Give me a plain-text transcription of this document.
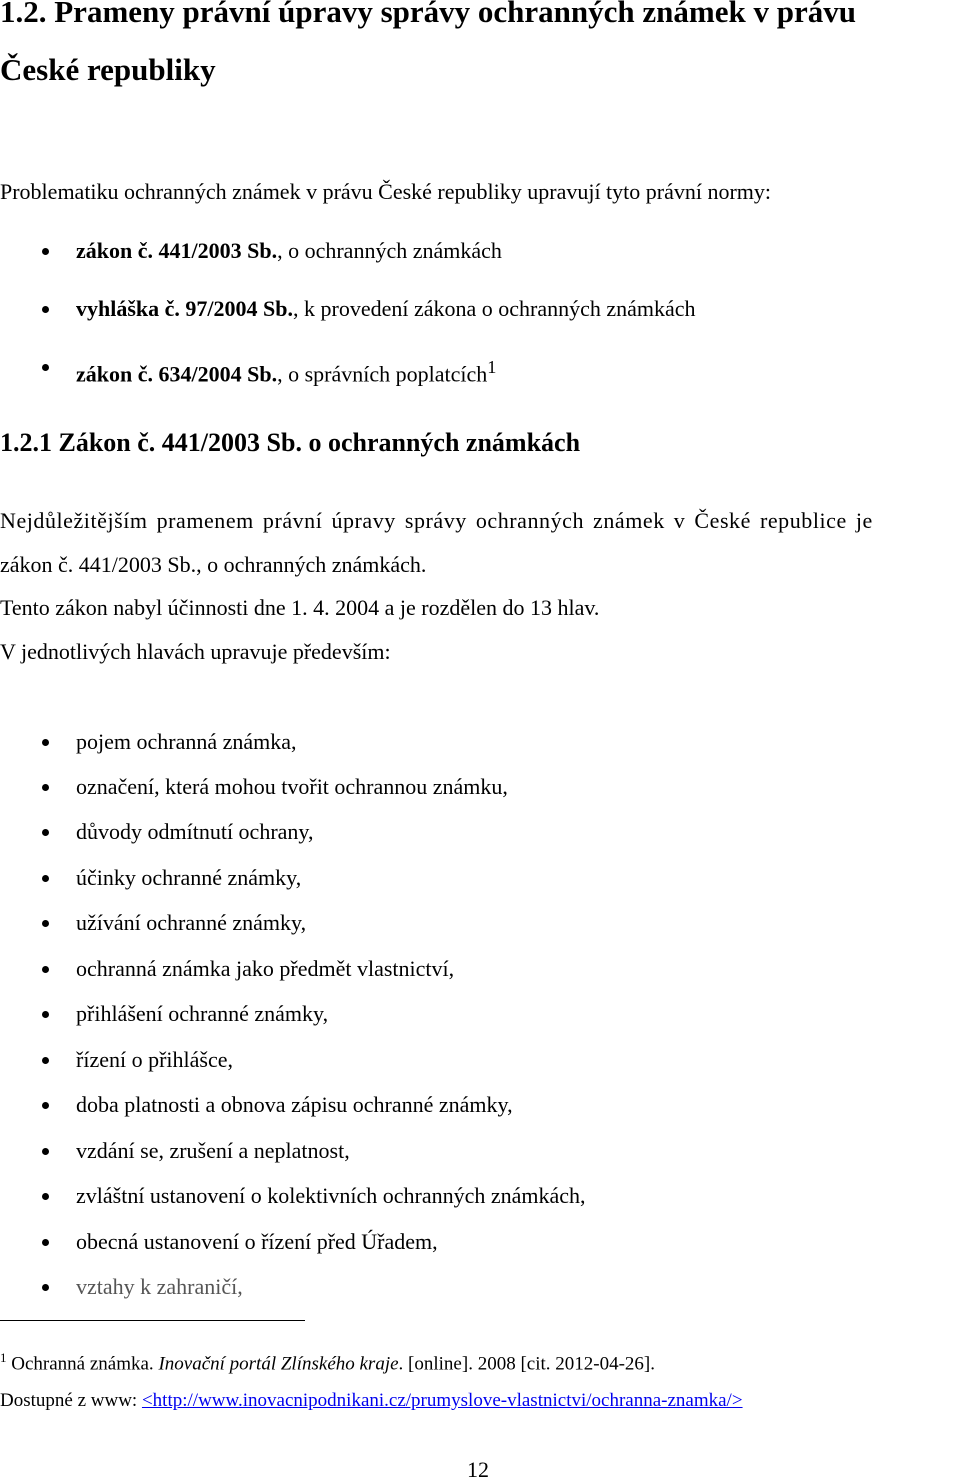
1.2. Prameny právní úpravy správy ochranných známek v právu
České republiky
Problematiku ochranných známek v právu České republiky upravují tyto právní normy:
zákon č. 441/2003 Sb., o ochranných známkách
vyhláška č. 97/2004 Sb., k provedení zákona o ochranných známkách
zákon č. 634/2004 Sb., o správních poplatcích$^1$
1.2.1 Zákon č. 441/2003 Sb. o ochranných známkách
Nejdůležitějším pramenem právní úpravy správy ochranných známek v České republice je
zákon č. 441/2003 Sb., o ochranných známkách.
Tento zákon nabyl účinnosti dne 1. 4. 2004 a je rozdělen do 13 hlav.
V jednotlivých hlavách upravuje především:
pojem ochranná známka,
označení, která mohou tvořit ochrannou známku,
důvody odmítnutí ochrany,
účinky ochranné známky,
užívání ochranné známky,
ochranná známka jako předmět vlastnictví,
přihlášení ochranné známky,
řízení o přihlášce,
doba platnosti a obnova zápisu ochranné známky,
vzdání se, zrušení a neplatnost,
zvláštní ustanovení o kolektivních ochranných známkách,
obecná ustanovení o řízení před Úřadem,
vztahy k zahraničí,
$^1$ Ochranná známka. Inovační portál Zlínského kraje. [online]. 2008 [cit. 2012-04-26].
Dostupné z www: <http://www.inovacnipodnikani.cz/prumyslove-vlastnictvi/ochranna-znamka/>
12
